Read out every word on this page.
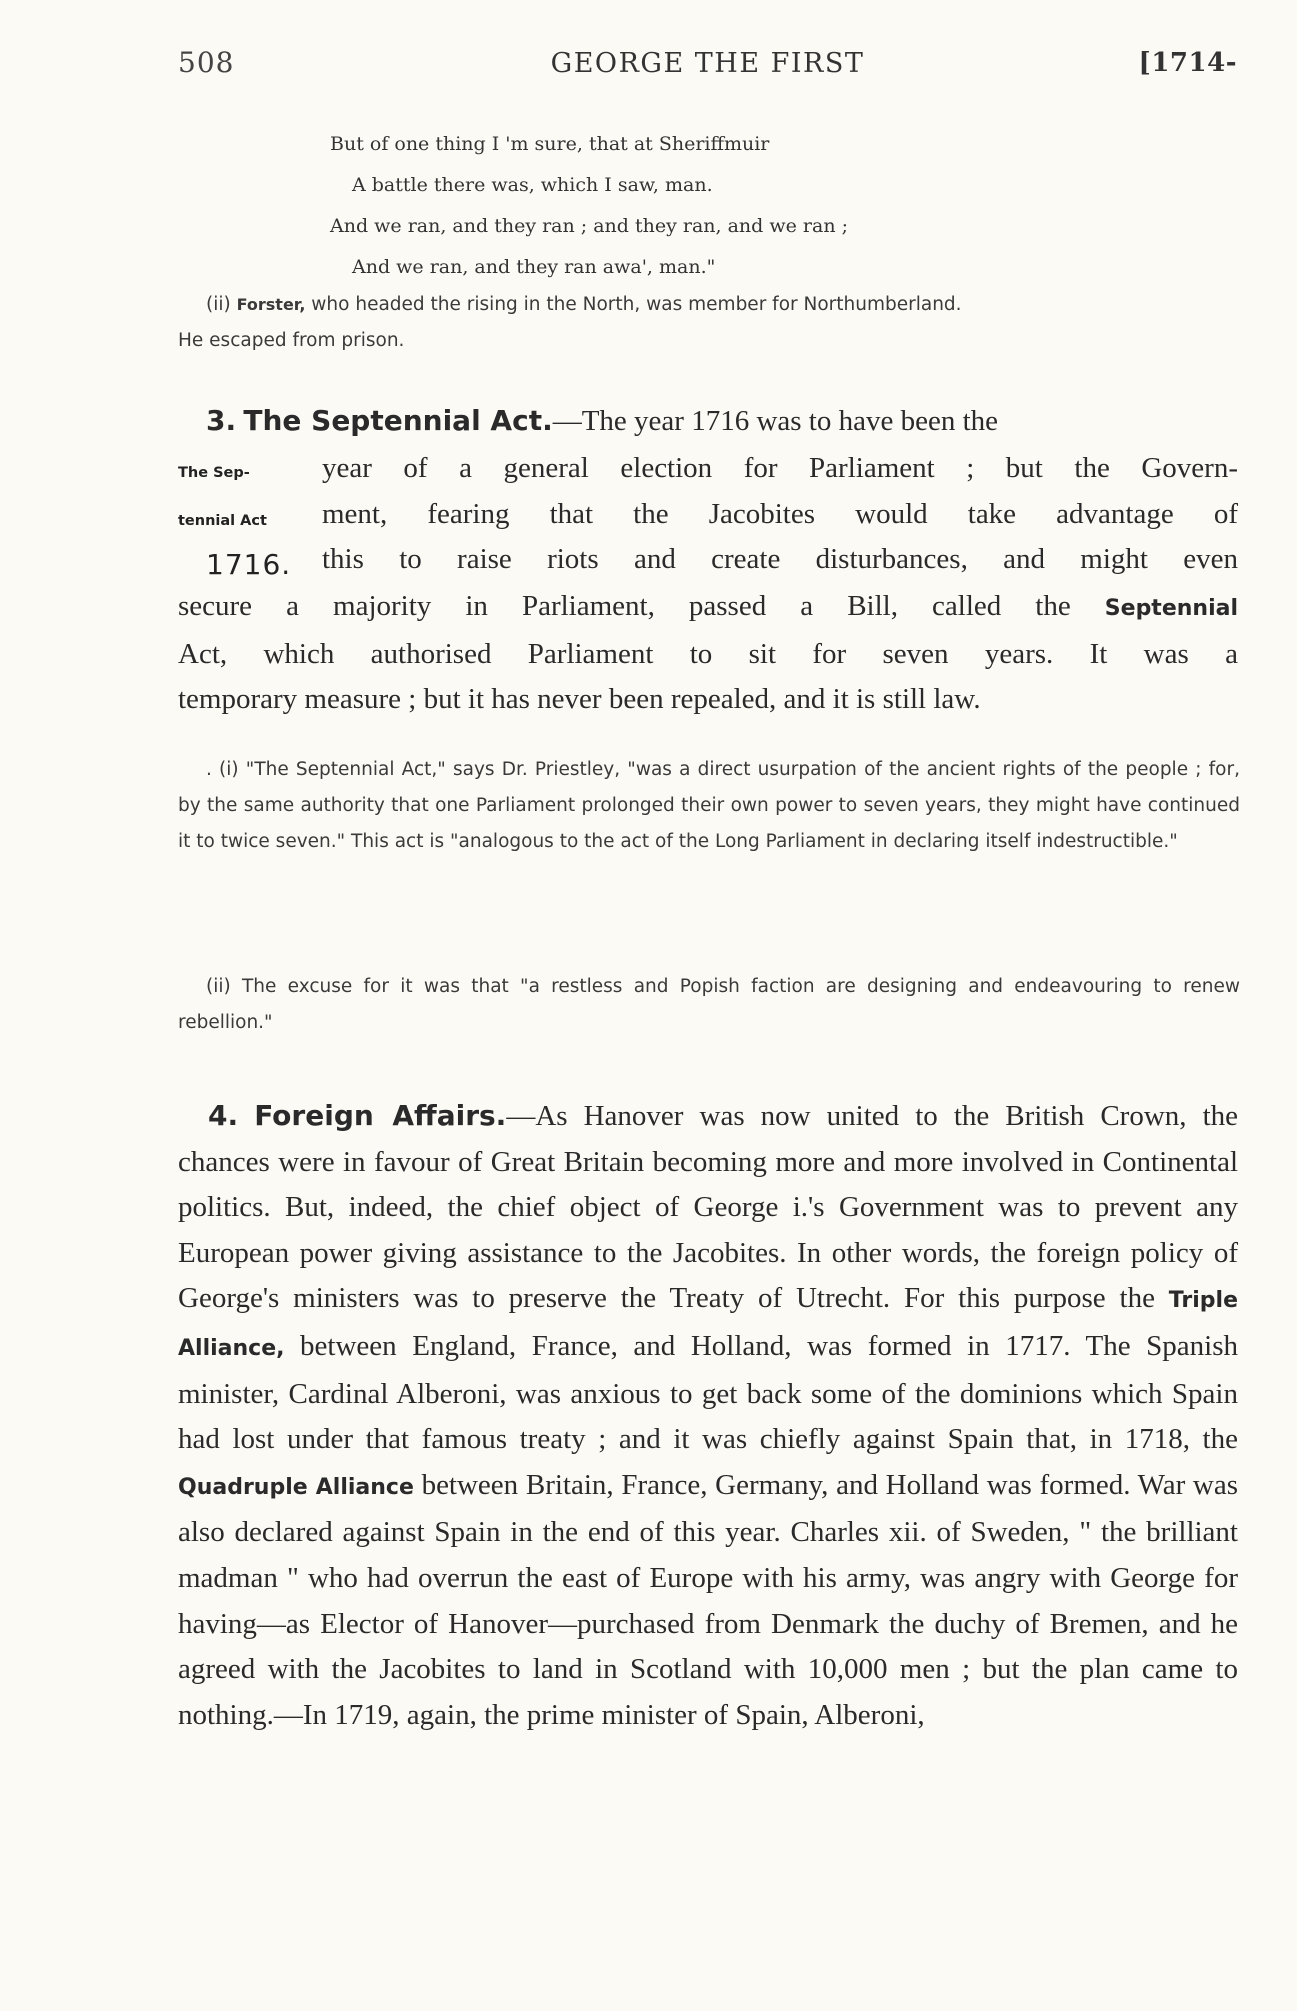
508	GEORGE THE FIRST	[1714-
But of one thing I 'm sure, that at Sheriffmuir
A battle there was, which I saw, man.
And we ran, and they ran ; and they ran, and we ran ;
And we ran, and they ran awa', man."

(ii) Forster, who headed the rising in the North, was member for Northumberland.

He escaped from prison.

3. The Septennial Act.—The year 1716 was to have been the
The Sep-
tennial Act
1716.

year of a general election for Parliament ; but the Govern-

ment, fearing that the Jacobites would take advantage of

this to raise riots and create disturbances, and might even

secure a majority in Parliament, passed a Bill, called the Septennial

Act, which authorised Parliament to sit for seven years. It was a

temporary measure ; but it has never been repealed, and it is still law.

. (i) "The Septennial Act," says Dr. Priestley, "was a direct usurpation of the ancient rights of the people ; for, by the same authority that one Parliament prolonged their own power to seven years, they might have continued it to twice seven." This act is "analogous to the act of the Long Parliament in declaring itself indestructible."

(ii) The excuse for it was that "a restless and Popish faction are designing and endeavouring to renew rebellion."

4. Foreign Affairs.—As Hanover was now united to the British Crown, the chances were in favour of Great Britain becoming more and more involved in Continental politics. But, indeed, the chief object of George i.'s Government was to prevent any European power giving assistance to the Jacobites. In other words, the foreign policy of George's ministers was to preserve the Treaty of Utrecht. For this purpose the Triple Alliance, between England, France, and Holland, was formed in 1717. The Spanish minister, Cardinal Alberoni, was anxious to get back some of the dominions which Spain had lost under that famous treaty ; and it was chiefly against Spain that, in 1718, the Quadruple Alliance between Britain, France, Germany, and Holland was formed. War was also declared against Spain in the end of this year. Charles xii. of Sweden, " the brilliant madman " who had overrun the east of Europe with his army, was angry with George for having—as Elector of Hanover—purchased from Denmark the duchy of Bremen, and he agreed with the Jacobites to land in Scotland with 10,000 men ; but the plan came to nothing.—In 1719, again, the prime minister of Spain, Alberoni,
